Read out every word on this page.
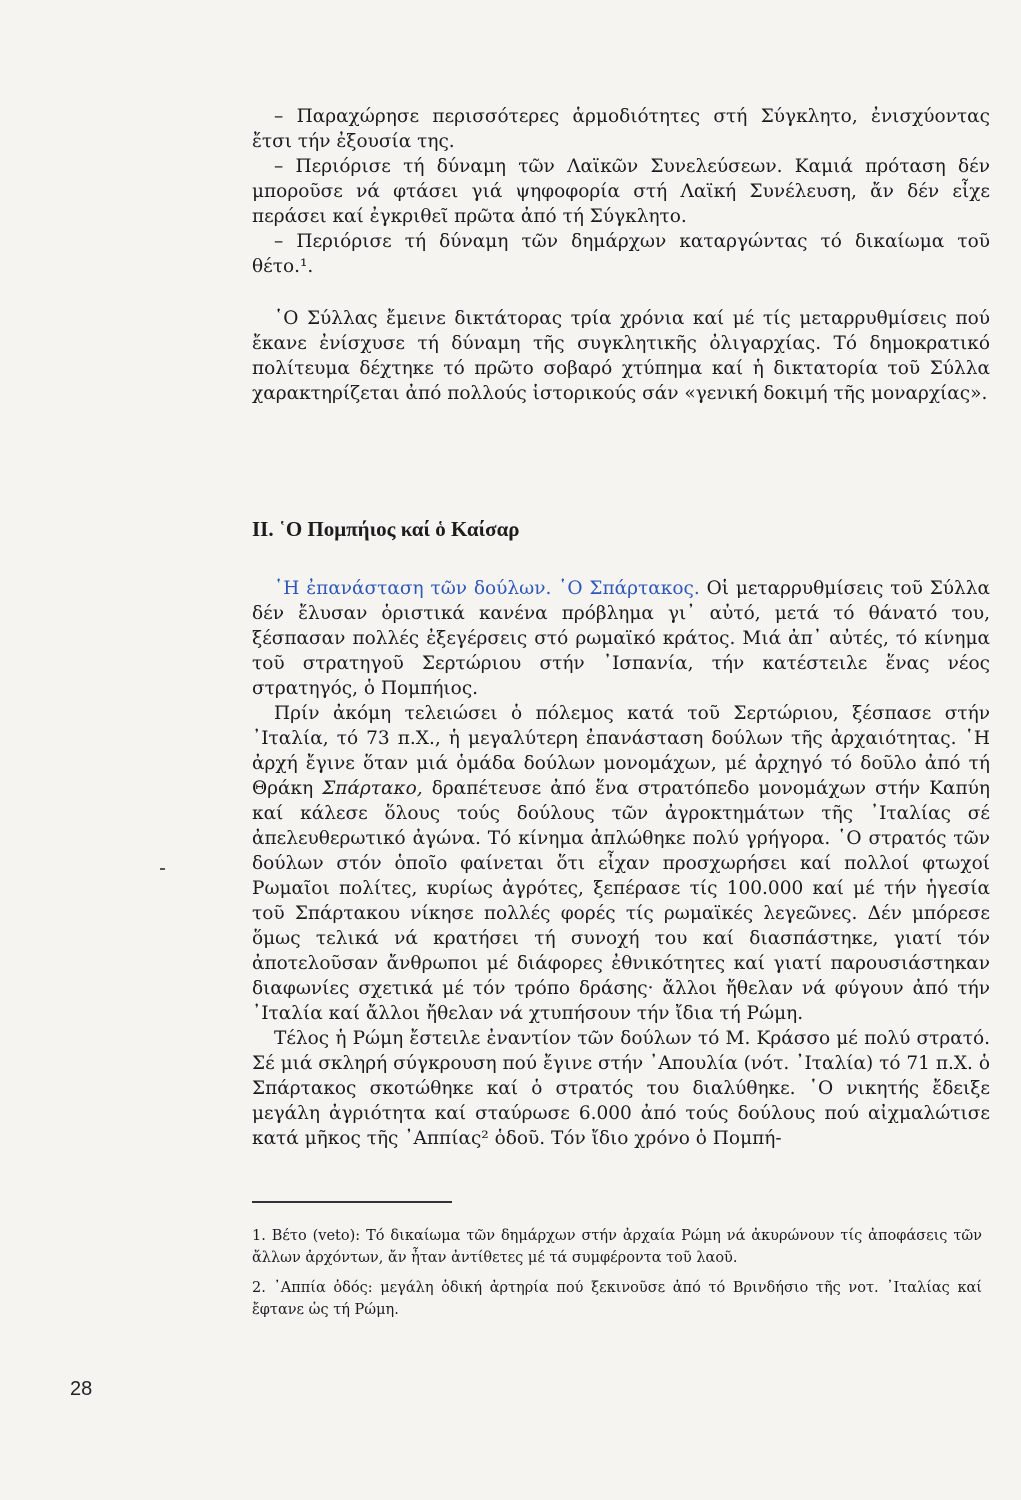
– Παραχώρησε περισσότερες ἁρμοδιότητες στή Σύγκλητο, ἐνισχύοντας ἔτσι τήν ἐξουσία της.

– Περιόρισε τή δύναμη τῶν Λαϊκῶν Συνελεύσεων. Καμιά πρόταση δέν μποροῦσε νά φτάσει γιά ψηφοφορία στή Λαϊκή Συνέλευση, ἄν δέν εἶχε περάσει καί ἐγκριθεῖ πρῶτα ἀπό τή Σύγκλητο.

– Περιόρισε τή δύναμη τῶν δημάρχων καταργώντας τό δικαίωμα τοῦ θέτο.¹.

῾Ο Σύλλας ἔμεινε δικτάτορας τρία χρόνια καί μέ τίς μεταρρυθμίσεις πού ἔκανε ἐνίσχυσε τή δύναμη τῆς συγκλητικῆς ὀλιγαρχίας. Τό δημοκρατικό πολίτευμα δέχτηκε τό πρῶτο σοβαρό χτύπημα καί ἡ δικτατορία τοῦ Σύλλα χαρακτηρίζεται ἀπό πολλούς ἱστορικούς σάν «γενική δοκιμή τῆς μοναρχίας».

ΙΙ. ῾Ο Πομπήιος καί ὁ Καίσαρ

῾Η ἐπανάσταση τῶν δούλων. ῾Ο Σπάρτακος. Οἱ μεταρρυθμίσεις τοῦ Σύλλα δέν ἔλυσαν ὁριστικά κανένα πρόβλημα γι᾽ αὐτό, μετά τό θάνατό του, ξέσπασαν πολλές ἐξεγέρσεις στό ρωμαϊκό κράτος. Μιά ἀπ᾽ αὐτές, τό κίνημα τοῦ στρατηγοῦ Σερτώριου στήν ᾽Ισπανία, τήν κατέστειλε ἕνας νέος στρατηγός, ὁ Πομπήιος.

Πρίν ἀκόμη τελειώσει ὁ πόλεμος κατά τοῦ Σερτώριου, ξέσπασε στήν ᾽Ιταλία, τό 73 π.Χ., ἡ μεγαλύτερη ἐπανάσταση δούλων τῆς ἀρχαιότητας. ῾Η ἀρχή ἔγινε ὅταν μιά ὁμάδα δούλων μονομάχων, μέ ἀρχηγό τό δοῦλο ἀπό τή Θράκη Σπάρτακο, δραπέτευσε ἀπό ἕνα στρατόπεδο μονομάχων στήν Καπύη καί κάλεσε ὅλους τούς δούλους τῶν ἀγροκτημάτων τῆς ᾽Ιταλίας σέ ἀπελευθερωτικό ἀγώνα. Τό κίνημα ἀπλώθηκε πολύ γρήγορα. ῾Ο στρατός τῶν δούλων στόν ὁποῖο φαίνεται ὅτι εἶχαν προσχωρήσει καί πολλοί φτωχοί Ρωμαῖοι πολίτες, κυρίως ἀγρότες, ξεπέρασε τίς 100.000 καί μέ τήν ἡγεσία τοῦ Σπάρτακου νίκησε πολλές φορές τίς ρωμαϊκές λεγεῶνες. Δέν μπόρεσε ὅμως τελικά νά κρατήσει τή συνοχή του καί διασπάστηκε, γιατί τόν ἀποτελοῦσαν ἄνθρωποι μέ διάφορες ἐθνικότητες καί γιατί παρουσιάστηκαν διαφωνίες σχετικά μέ τόν τρόπο δράσης· ἄλλοι ἤθελαν νά φύγουν ἀπό τήν ᾽Ιταλία καί ἄλλοι ἤθελαν νά χτυπήσουν τήν ἴδια τή Ρώμη.

Τέλος ἡ Ρώμη ἔστειλε ἐναντίον τῶν δούλων τό Μ. Κράσσο μέ πολύ στρατό. Σέ μιά σκληρή σύγκρουση πού ἔγινε στήν ᾽Απουλία (νότ. ᾽Ιταλία) τό 71 π.Χ. ὁ Σπάρτακος σκοτώθηκε καί ὁ στρατός του διαλύθηκε. ῾Ο νικητής ἔδειξε μεγάλη ἀγριότητα καί σταύρωσε 6.000 ἀπό τούς δούλους πού αἰχμαλώτισε κατά μῆκος τῆς ᾽Αππίας² ὁδοῦ. Τόν ἴδιο χρόνο ὁ Πομπή-

1. Βέτο (veto): Τό δικαίωμα τῶν δημάρχων στήν ἀρχαία Ρώμη νά ἀκυρώνουν τίς ἀποφάσεις τῶν ἄλλων ἀρχόντων, ἄν ἦταν ἀντίθετες μέ τά συμφέροντα τοῦ λαοῦ.

2. ᾽Αππία ὁδός: μεγάλη ὁδική ἀρτηρία πού ξεκινοῦσε ἀπό τό Βρινδήσιο τῆς νοτ. ᾽Ιταλίας καί ἔφτανε ὡς τή Ρώμη.

28
